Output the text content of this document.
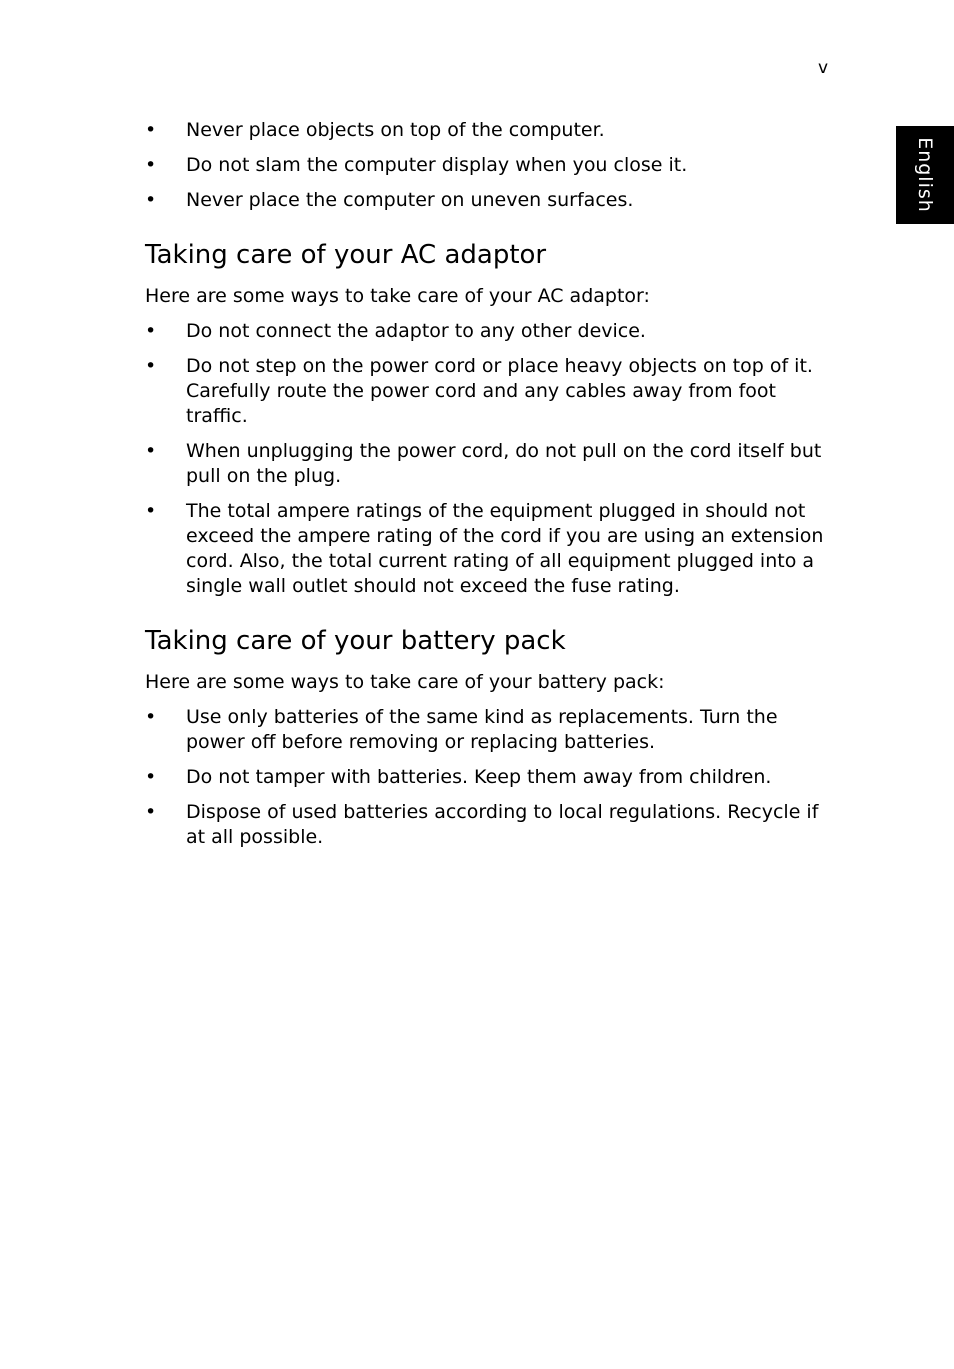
v
English
• Never place objects on top of the computer.
• Do not slam the computer display when you close it.
• Never place the computer on uneven surfaces.
Taking care of your AC adaptor

Here are some ways to take care of your AC adaptor:

• Do not connect the adaptor to any other device.
• Do not step on the power cord or place heavy objects on top of it. Carefully route the power cord and any cables away from foot traffic.
• When unplugging the power cord, do not pull on the cord itself but pull on the plug.
• The total ampere ratings of the equipment plugged in should not exceed the ampere rating of the cord if you are using an extension cord. Also, the total current rating of all equipment plugged into a single wall outlet should not exceed the fuse rating.
Taking care of your battery pack

Here are some ways to take care of your battery pack:

• Use only batteries of the same kind as replacements. Turn the power off before removing or replacing batteries.
• Do not tamper with batteries. Keep them away from children.
• Dispose of used batteries according to local regulations. Recycle if at all possible.
